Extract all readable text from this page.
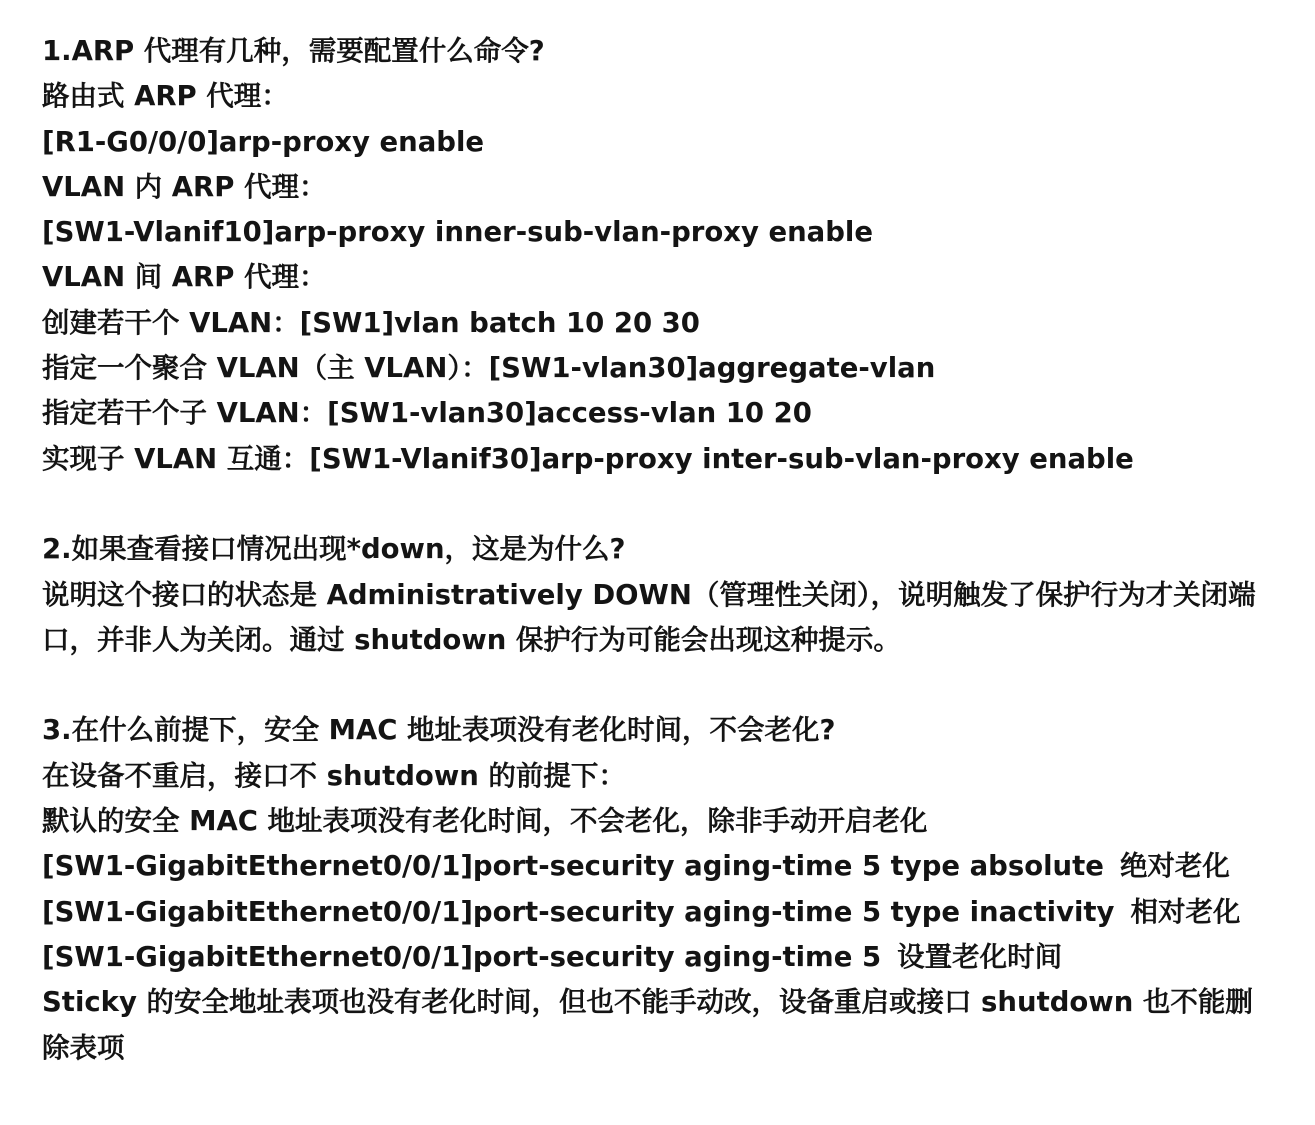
1.ARP 代理有几种，需要配置什么命令?
路由式 ARP 代理：
[R1-G0/0/0]arp-proxy enable
VLAN 内 ARP 代理：
[SW1-Vlanif10]arp-proxy inner-sub-vlan-proxy enable
VLAN 间 ARP 代理：
创建若干个 VLAN：[SW1]vlan batch 10 20 30
指定一个聚合 VLAN（主 VLAN）：[SW1-vlan30]aggregate-vlan
指定若干个子 VLAN：[SW1-vlan30]access-vlan 10 20
实现子 VLAN 互通：[SW1-Vlanif30]arp-proxy inter-sub-vlan-proxy enable
2.如果查看接口情况出现*down，这是为什么?
说明这个接口的状态是 Administratively DOWN（管理性关闭），说明触发了保护行为才关闭端口，并非人为关闭。通过 shutdown 保护行为可能会出现这种提示。
3.在什么前提下，安全 MAC 地址表项没有老化时间，不会老化?
在设备不重启，接口不 shutdown 的前提下：
默认的安全 MAC 地址表项没有老化时间，不会老化，除非手动开启老化
[SW1-GigabitEthernet0/0/1]port-security aging-time 5 type absolute 绝对老化
[SW1-GigabitEthernet0/0/1]port-security aging-time 5 type inactivity 相对老化
[SW1-GigabitEthernet0/0/1]port-security aging-time 5 设置老化时间
Sticky 的安全地址表项也没有老化时间，但也不能手动改，设备重启或接口 shutdown 也不能删除表项
